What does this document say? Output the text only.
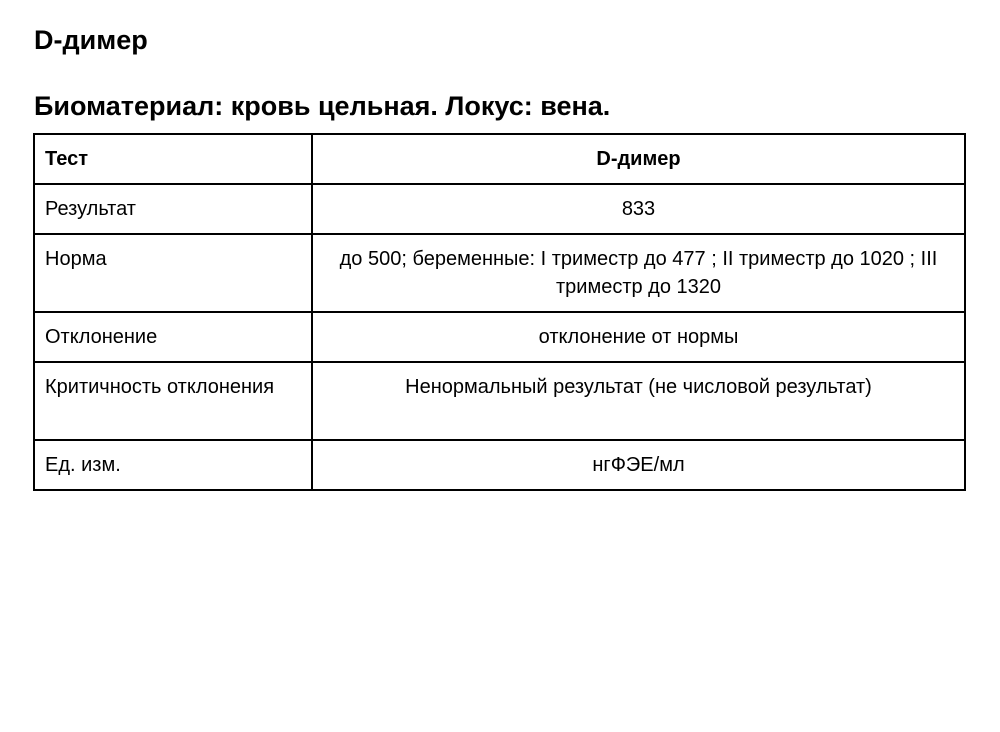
D-димер
Биоматериал: кровь цельная. Локус: вена.
Тест	D-димер
Результат	833
Норма	до 500; беременные: I триместр до 477 ; II триместр до 1020 ; III триместр до 1320
Отклонение	отклонение от нормы
Критичность отклонения	Ненормальный результат (не числовой результат)
Ед. изм.	нгФЭЕ/мл
